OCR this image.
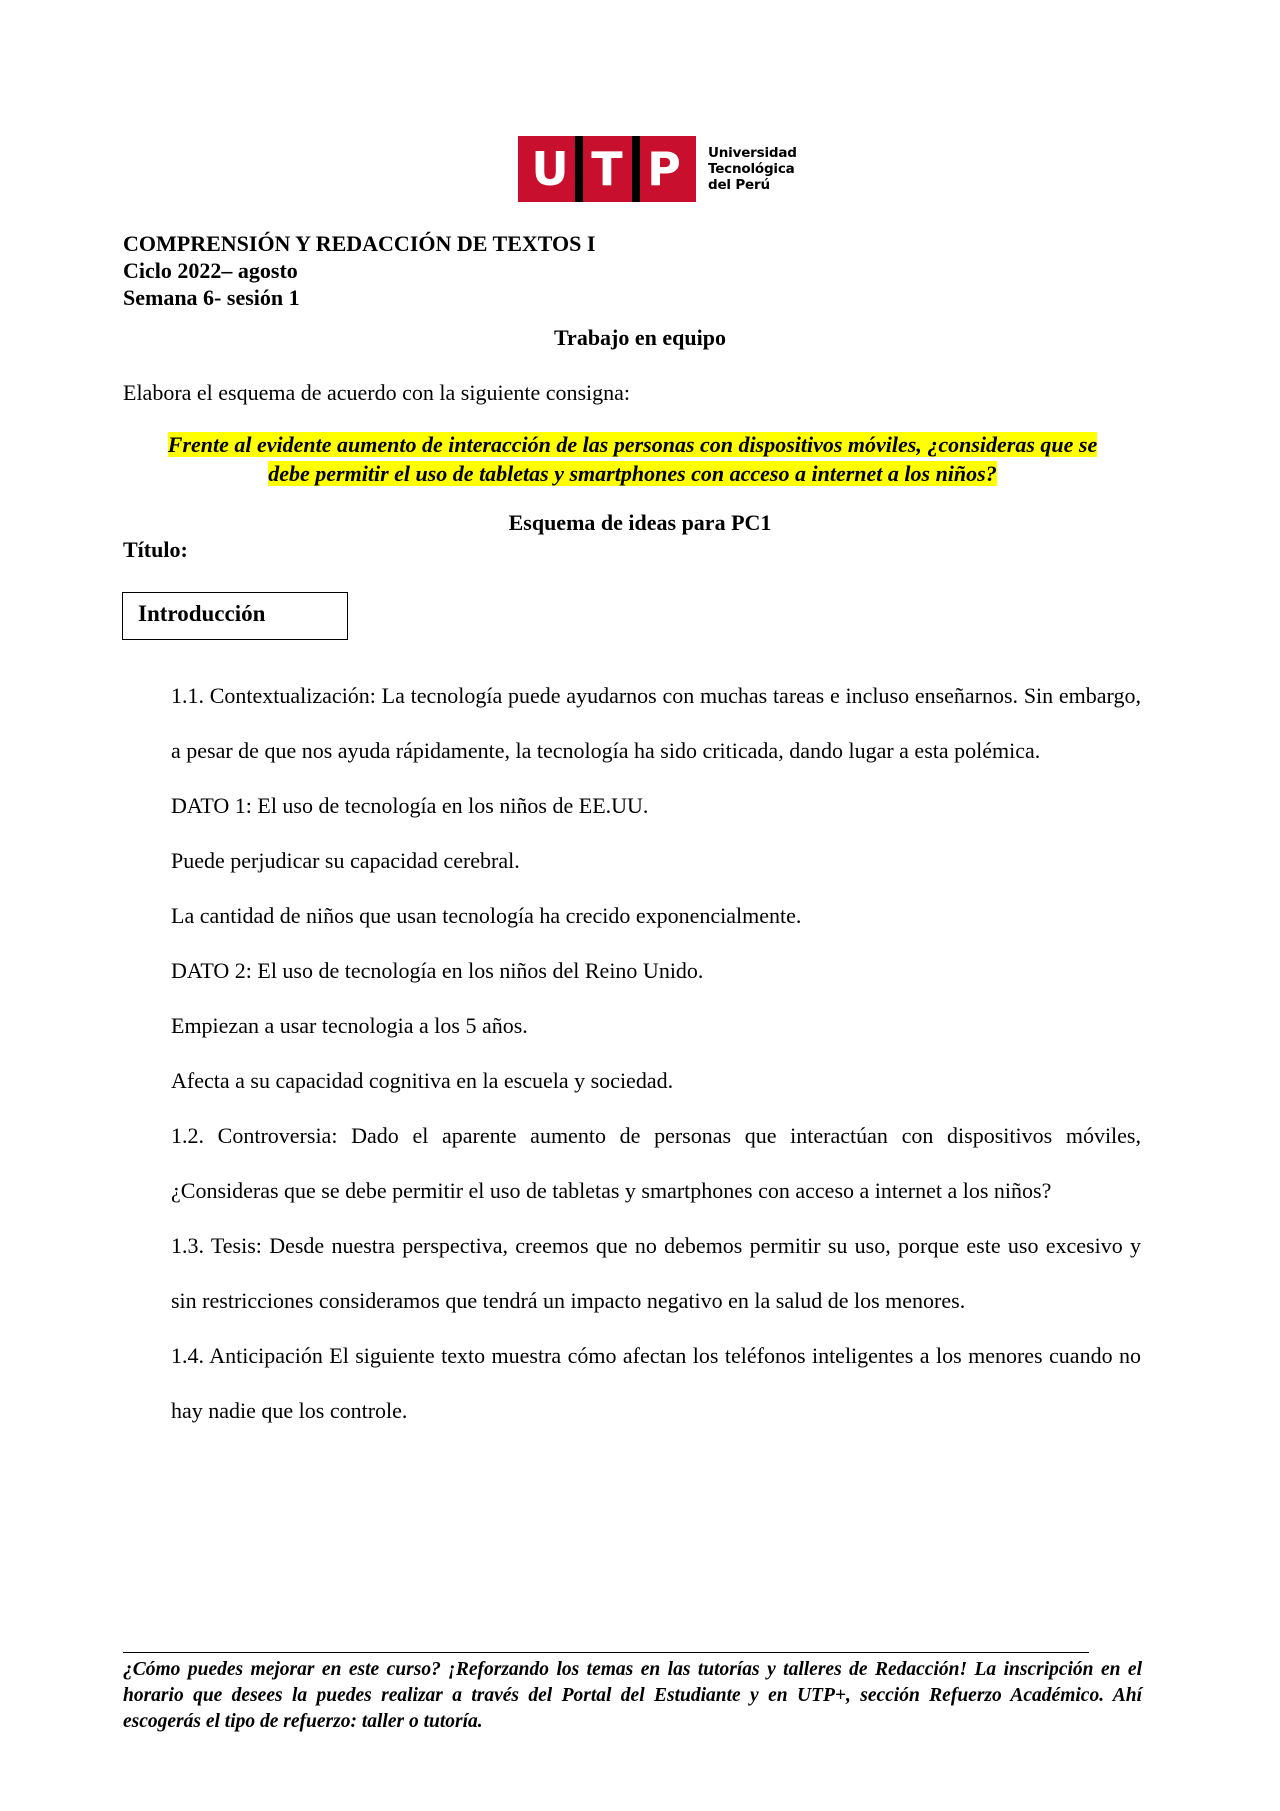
U T P	Universidad
Tecnológica
del Perú
COMPRENSIÓN Y REDACCIÓN DE TEXTOS I
Ciclo 2022– agosto
Semana 6- sesión 1
Trabajo en equipo
Elabora el esquema de acuerdo con la siguiente consigna:
Frente al evidente aumento de interacción de las personas con dispositivos móviles, ¿consideras que se
debe permitir el uso de tabletas y smartphones con acceso a internet a los niños?
Esquema de ideas para PC1
Título:
Introducción
1.1. Contextualización: La tecnología puede ayudarnos con muchas tareas e incluso enseñarnos. Sin embargo, a pesar de que nos ayuda rápidamente, la tecnología ha sido criticada, dando lugar a esta polémica.
DATO 1: El uso de tecnología en los niños de EE.UU.
Puede perjudicar su capacidad cerebral.
La cantidad de niños que usan tecnología ha crecido exponencialmente.
DATO 2: El uso de tecnología en los niños del Reino Unido.
Empiezan a usar tecnologia a los 5 años.
Afecta a su capacidad cognitiva en la escuela y sociedad.
1.2. Controversia: Dado el aparente aumento de personas que interactúan con dispositivos móviles, ¿Consideras que se debe permitir el uso de tabletas y smartphones con acceso a internet a los niños?
1.3. Tesis: Desde nuestra perspectiva, creemos que no debemos permitir su uso, porque este uso excesivo y sin restricciones consideramos que tendrá un impacto negativo en la salud de los menores.
1.4. Anticipación El siguiente texto muestra cómo afectan los teléfonos inteligentes a los menores cuando no hay nadie que los controle.
¿Cómo puedes mejorar en este curso? ¡Reforzando los temas en las tutorías y talleres de Redacción! La inscripción en el horario que desees la puedes realizar a través del Portal del Estudiante y en UTP+, sección Refuerzo Académico. Ahí escogerás el tipo de refuerzo: taller o tutoría.
